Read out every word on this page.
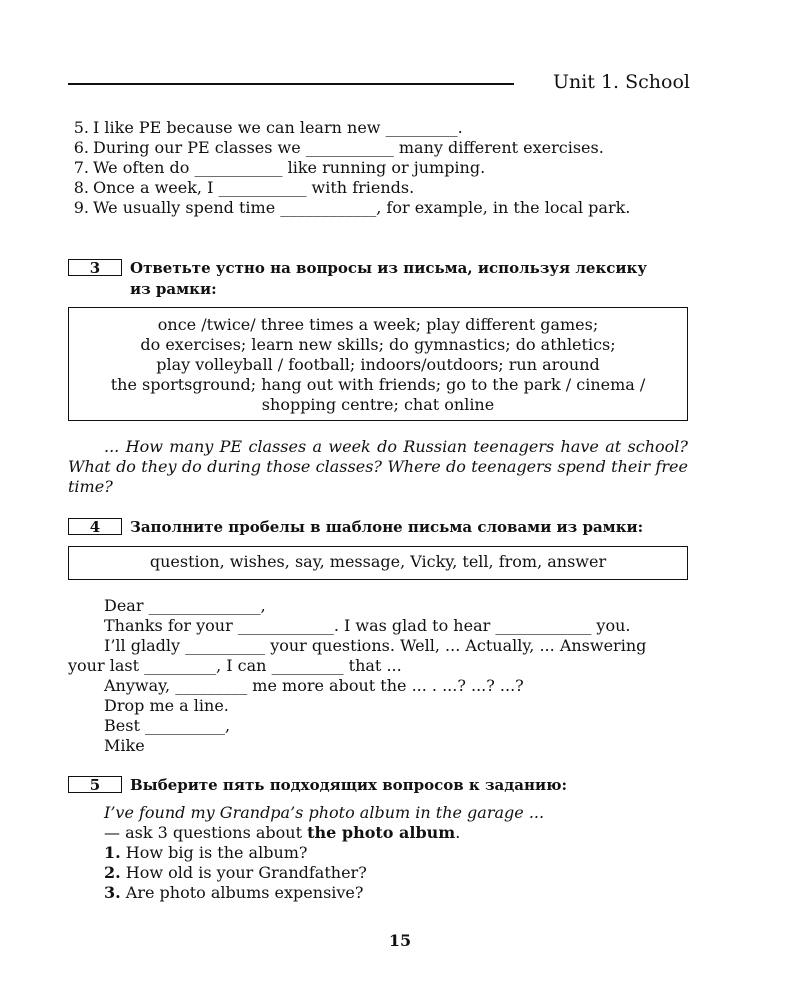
Unit 1. School
5. I like PE because we can learn new _________.
6. During our PE classes we ___________ many different exercises.
7. We often do ___________ like running or jumping.
8. Once a week, I ___________ with friends.
9. We usually spend time ____________, for example, in the local park.
3	Ответьте устно на вопросы из письма, используя лексику из рамки:
once /twice/ three times a week; play different games;
do exercises; learn new skills; do gymnastics; do athletics;
play volleyball / football; indoors/outdoors; run around
the sportsground; hang out with friends; go to the park / cinema /
shopping centre; chat online
... How many PE classes a week do Russian teenagers have at school? What do they do during those classes? Where do teenagers spend their free time?
4	Заполните пробелы в шаблоне письма словами из рамки:
question, wishes, say, message, Vicky, tell, from, answer
Dear ______________,
Thanks for your ____________. I was glad to hear ____________ you.
I’ll gladly __________ your questions. Well, ... Actually, ... Answering
your last _________, I can _________ that ...
Anyway, _________ me more about the ... . ...? ...? ...?
Drop me a line.
Best __________,
Mike
5	Выберите пять подходящих вопросов к заданию:
I’ve found my Grandpa’s photo album in the garage ...
— ask 3 questions about the photo album.
1. How big is the album?
2. How old is your Grandfather?
3. Are photo albums expensive?
15
